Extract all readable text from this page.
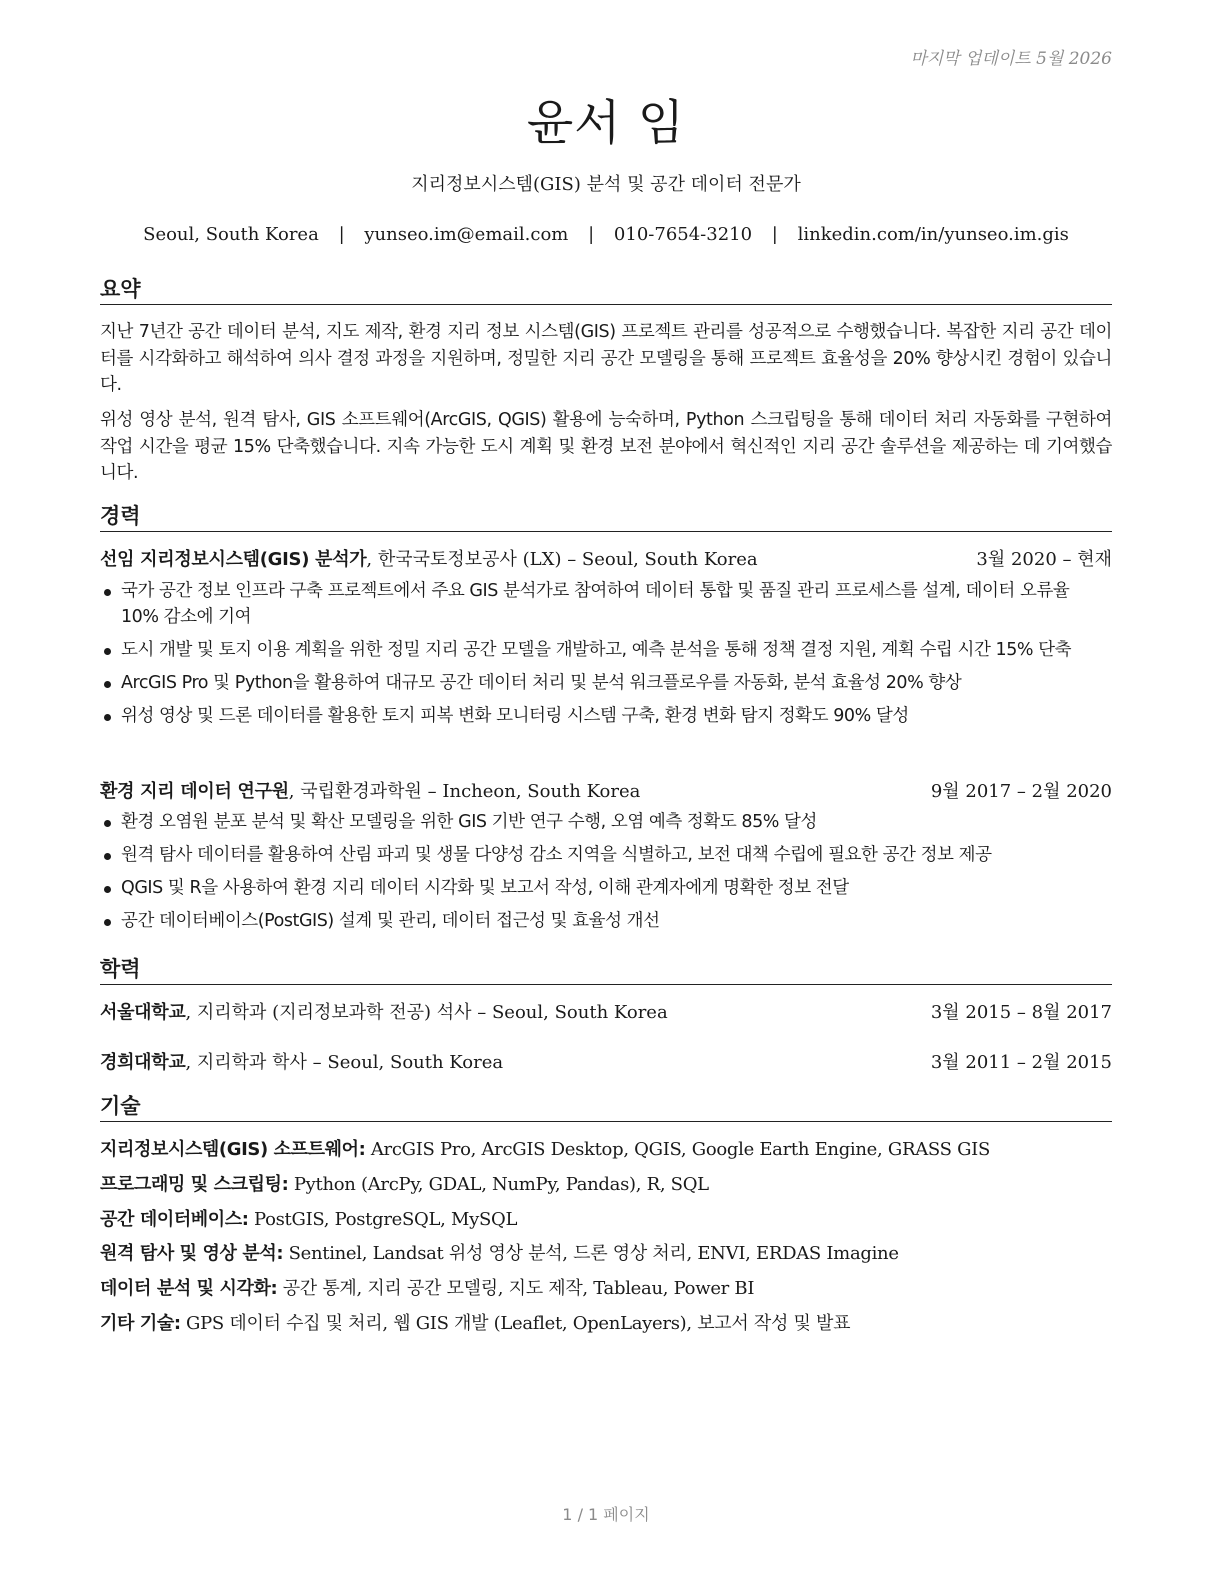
마지막 업데이트 5월 2026
윤서 임
지리정보시스템(GIS) 분석 및 공간 데이터 전문가
Seoul, South Korea | yunseo.im@email.com | 010-7654-3210 | linkedin.com/in/yunseo.im.gis
요약
지난 7년간 공간 데이터 분석, 지도 제작, 환경 지리 정보 시스템(GIS) 프로젝트 관리를 성공적으로 수행했습니다. 복잡한 지리 공간 데이터를 시각화하고 해석하여 의사 결정 과정을 지원하며, 정밀한 지리 공간 모델링을 통해 프로젝트 효율성을 20% 향상시킨 경험이 있습니다.
위성 영상 분석, 원격 탐사, GIS 소프트웨어(ArcGIS, QGIS) 활용에 능숙하며, Python 스크립팅을 통해 데이터 처리 자동화를 구현하여 작업 시간을 평균 15% 단축했습니다. 지속 가능한 도시 계획 및 환경 보전 분야에서 혁신적인 지리 공간 솔루션을 제공하는 데 기여했습니다.
경력
선임 지리정보시스템(GIS) 분석가, 한국국토정보공사 (LX) – Seoul, South Korea	3월 2020 – 현재
국가 공간 정보 인프라 구축 프로젝트에서 주요 GIS 분석가로 참여하여 데이터 통합 및 품질 관리 프로세스를 설계, 데이터 오류율 10% 감소에 기여
도시 개발 및 토지 이용 계획을 위한 정밀 지리 공간 모델을 개발하고, 예측 분석을 통해 정책 결정 지원, 계획 수립 시간 15% 단축
ArcGIS Pro 및 Python을 활용하여 대규모 공간 데이터 처리 및 분석 워크플로우를 자동화, 분석 효율성 20% 향상
위성 영상 및 드론 데이터를 활용한 토지 피복 변화 모니터링 시스템 구축, 환경 변화 탐지 정확도 90% 달성
환경 지리 데이터 연구원, 국립환경과학원 – Incheon, South Korea	9월 2017 – 2월 2020
환경 오염원 분포 분석 및 확산 모델링을 위한 GIS 기반 연구 수행, 오염 예측 정확도 85% 달성
원격 탐사 데이터를 활용하여 산림 파괴 및 생물 다양성 감소 지역을 식별하고, 보전 대책 수립에 필요한 공간 정보 제공
QGIS 및 R을 사용하여 환경 지리 데이터 시각화 및 보고서 작성, 이해 관계자에게 명확한 정보 전달
공간 데이터베이스(PostGIS) 설계 및 관리, 데이터 접근성 및 효율성 개선
학력
서울대학교, 지리학과 (지리정보과학 전공) 석사 – Seoul, South Korea	3월 2015 – 8월 2017
경희대학교, 지리학과 학사 – Seoul, South Korea	3월 2011 – 2월 2015
기술
지리정보시스템(GIS) 소프트웨어: ArcGIS Pro, ArcGIS Desktop, QGIS, Google Earth Engine, GRASS GIS
프로그래밍 및 스크립팅: Python (ArcPy, GDAL, NumPy, Pandas), R, SQL
공간 데이터베이스: PostGIS, PostgreSQL, MySQL
원격 탐사 및 영상 분석: Sentinel, Landsat 위성 영상 분석, 드론 영상 처리, ENVI, ERDAS Imagine
데이터 분석 및 시각화: 공간 통계, 지리 공간 모델링, 지도 제작, Tableau, Power BI
기타 기술: GPS 데이터 수집 및 처리, 웹 GIS 개발 (Leaflet, OpenLayers), 보고서 작성 및 발표
1 / 1 페이지
